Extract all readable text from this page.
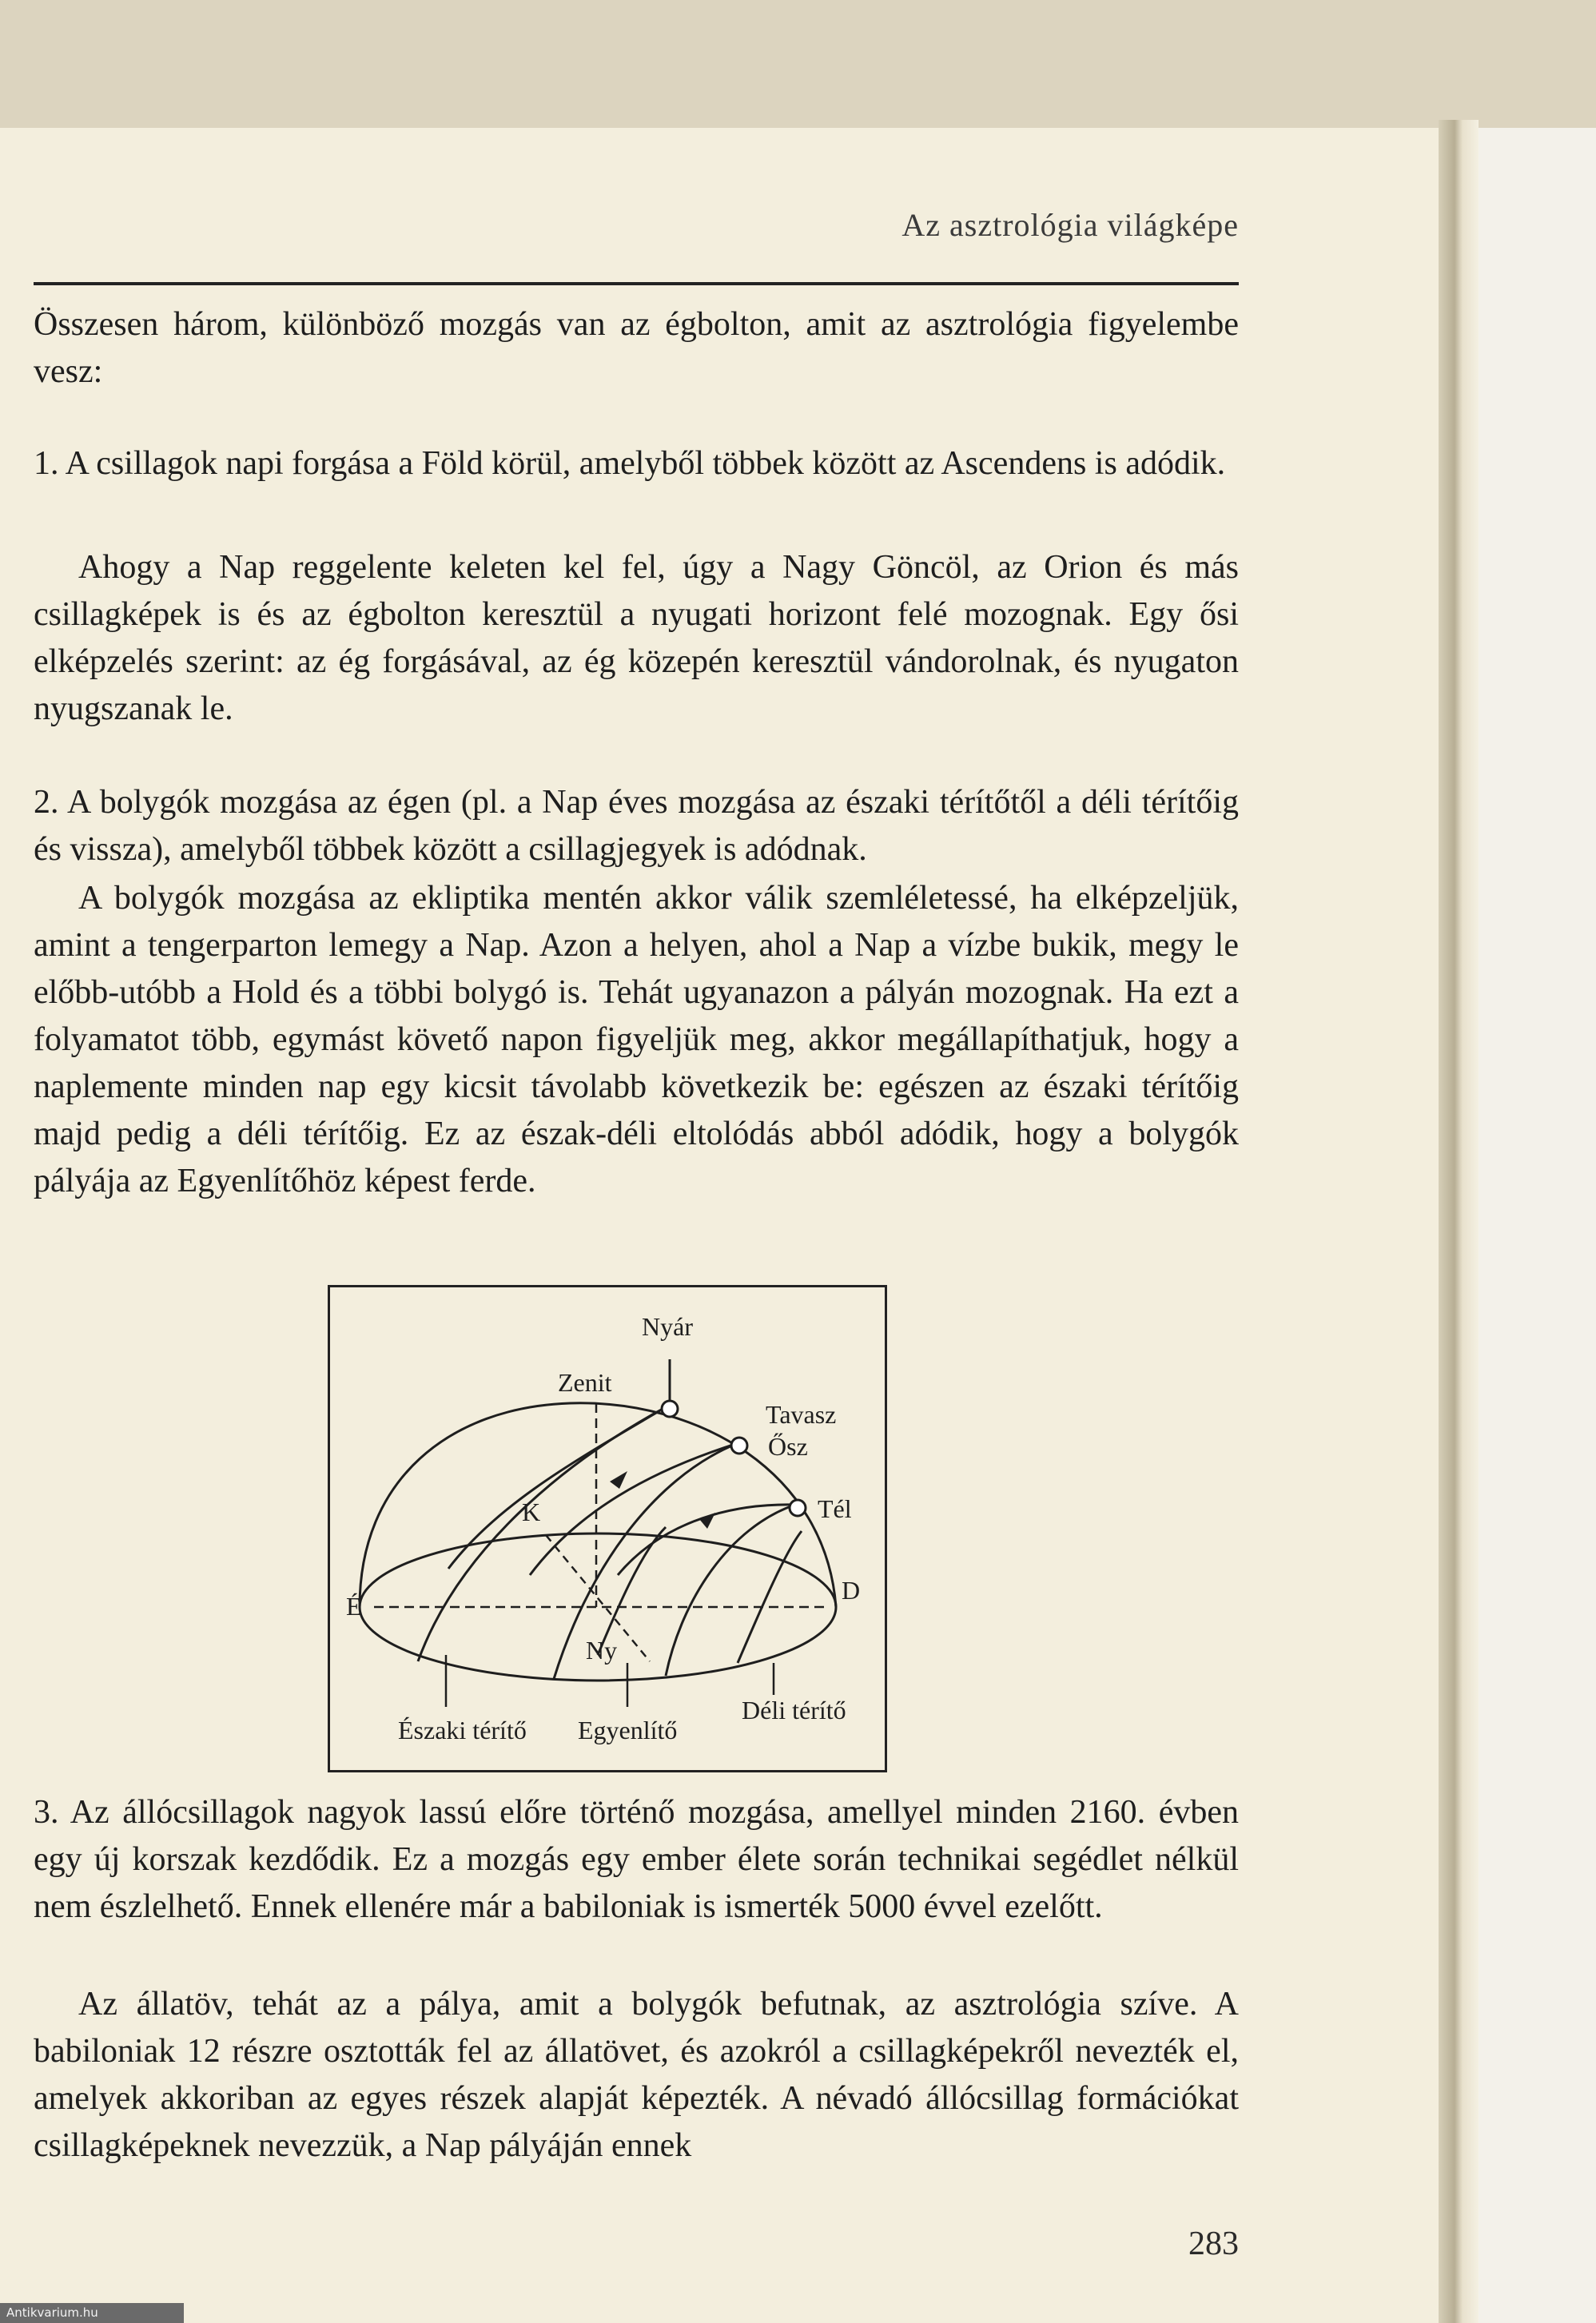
Az asztrológia világképe

Összesen három, különböző mozgás van az égbolton, amit az asztrológia figyelembe vesz:

1. A csillagok napi forgása a Föld körül, amelyből többek között az Ascendens is adódik.

Ahogy a Nap reggelente keleten kel fel, úgy a Nagy Göncöl, az Orion és más csillagképek is és az égbolton keresztül a nyugati horizont felé mozognak. Egy ősi elképzelés szerint: az ég forgásával, az ég közepén keresztül vándorolnak, és nyugaton nyugszanak le.

2. A bolygók mozgása az égen (pl. a Nap éves mozgása az északi térítőtől a déli térítőig és vissza), amelyből többek között a csillagjegyek is adódnak.

A bolygók mozgása az ekliptika mentén akkor válik szemléletessé, ha elképzeljük, amint a tengerparton lemegy a Nap. Azon a helyen, ahol a Nap a vízbe bukik, megy le előbb-utóbb a Hold és a többi bolygó is. Tehát ugyanazon a pályán mozognak. Ha ezt a folyamatot több, egymást követő napon figyeljük meg, akkor megállapíthatjuk, hogy a naplemente minden nap egy kicsit távolabb következik be: egészen az északi térítőig majd pedig a déli térítőig. Ez az észak-déli eltolódás abból adódik, hogy a bolygók pályája az Egyenlítőhöz képest ferde.

Nyár
Zenit
Tavasz
Ősz
Tél
K
É
D
Ny
Északi térítő Egyenlítő
Déli térítő

3. Az állócsillagok nagyok lassú előre történő mozgása, amellyel minden 2160. évben egy új korszak kezdődik. Ez a mozgás egy ember élete során technikai segédlet nélkül nem észlelhető. Ennek ellenére már a babiloniak is ismerték 5000 évvel ezelőtt.

Az állatöv, tehát az a pálya, amit a bolygók befutnak, az asztrológia szíve. A babiloniak 12 részre osztották fel az állatövet, és azokról a csillagképekről nevezték el, amelyek akkoriban az egyes részek alapját képezték. A névadó állócsillag formációkat csillagképeknek nevezzük, a Nap pályáján ennek

283
Antikvarium.hu
